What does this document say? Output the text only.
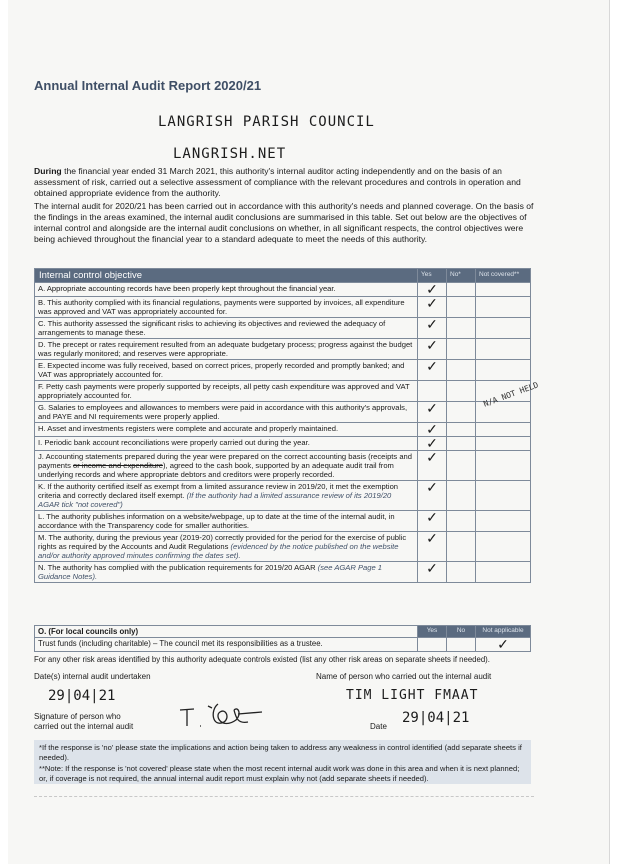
Annual Internal Audit Report 2020/21
LANGRISH PARISH COUNCIL
LANGRISH.NET

During the financial year ended 31 March 2021, this authority's internal auditor acting independently and on the basis of an assessment of risk, carried out a selective assessment of compliance with the relevant procedures and controls in operation and obtained appropriate evidence from the authority.

The internal audit for 2020/21 has been carried out in accordance with this authority's needs and planned coverage. On the basis of the findings in the areas examined, the internal audit conclusions are summarised in this table. Set out below are the objectives of internal control and alongside are the internal audit conclusions on whether, in all significant respects, the control objectives were being achieved throughout the financial year to a standard adequate to meet the needs of this authority.

Internal control objective	Yes	No*	Not covered**
A. Appropriate accounting records have been properly kept throughout the financial year.	✓		
B. This authority complied with its financial regulations, payments were supported by invoices, all expenditure was approved and VAT was appropriately accounted for.	✓		
C. This authority assessed the significant risks to achieving its objectives and reviewed the adequacy of arrangements to manage these.	✓		
D. The precept or rates requirement resulted from an adequate budgetary process; progress against the budget was regularly monitored; and reserves were appropriate.	✓		
E. Expected income was fully received, based on correct prices, properly recorded and promptly banked; and VAT was appropriately accounted for.	✓		
F. Petty cash payments were properly supported by receipts, all petty cash expenditure was approved and VAT appropriately accounted for.			
G. Salaries to employees and allowances to members were paid in accordance with this authority's approvals, and PAYE and NI requirements were properly applied.	✓		
H. Asset and investments registers were complete and accurate and properly maintained.	✓		
I. Periodic bank account reconciliations were properly carried out during the year.	✓		
J. Accounting statements prepared during the year were prepared on the correct accounting basis (receipts and payments or income and expenditure), agreed to the cash book, supported by an adequate audit trail from underlying records and where appropriate debtors and creditors were properly recorded.	✓		
K. If the authority certified itself as exempt from a limited assurance review in 2019/20, it met the exemption criteria and correctly declared itself exempt. (If the authority had a limited assurance review of its 2019/20 AGAR tick "not covered")	✓		
L. The authority publishes information on a website/webpage, up to date at the time of the internal audit, in accordance with the Transparency code for smaller authorities.	✓		
M. The authority, during the previous year (2019-20) correctly provided for the period for the exercise of public rights as required by the Accounts and Audit Regulations (evidenced by the notice published on the website and/or authority approved minutes confirming the dates set).	✓		
N. The authority has complied with the publication requirements for 2019/20 AGAR (see AGAR Page 1 Guidance Notes).	✓		
N/A NOT HELD
O. (For local councils only)	Yes	No	Not applicable
Trust funds (including charitable) – The council met its responsibilities as a trustee.			✓
For any other risk areas identified by this authority adequate controls existed (list any other risk areas on separate sheets if needed).
Date(s) internal audit undertaken	Name of person who carried out the internal audit
29|04|21	TIM LIGHT FMAAT
Signature of person who
carried out the internal audit	Date
29|04|21

*If the response is 'no' please state the implications and action being taken to address any weakness in control identified (add separate sheets if needed).

**Note: If the response is 'not covered' please state when the most recent internal audit work was done in this area and when it is next planned; or, if coverage is not required, the annual internal audit report must explain why not (add separate sheets if needed).
